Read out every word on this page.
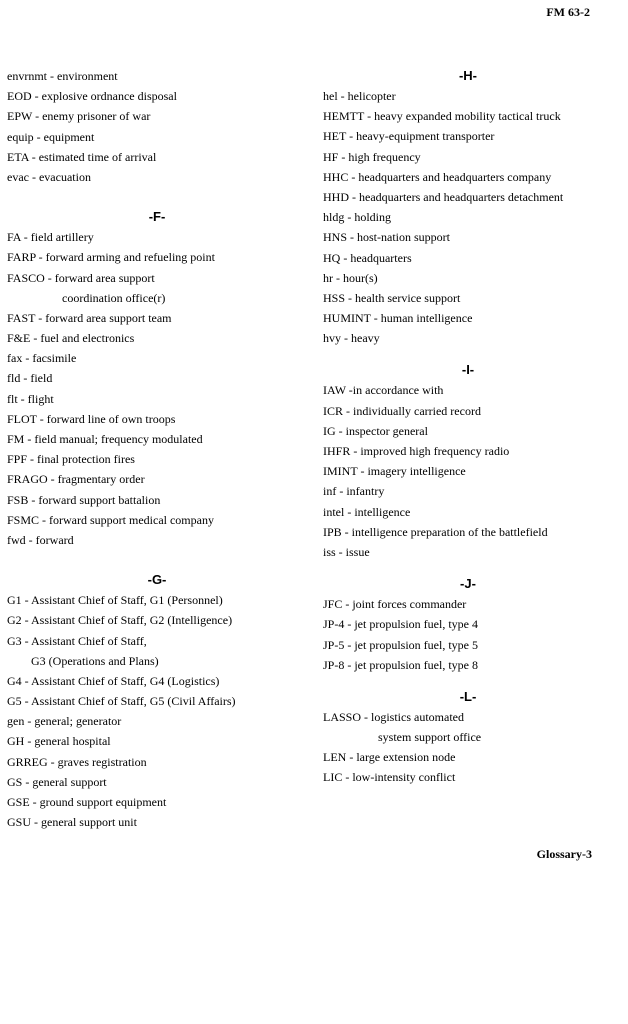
FM 63-2
envrnmt - environment
EOD - explosive ordnance disposal
EPW - enemy prisoner of war
equip - equipment
ETA - estimated time of arrival
evac - evacuation
-F-
FA - field artillery
FARP - forward arming and refueling point
FASCO - forward area support
coordination office(r)
FAST - forward area support team
F&E - fuel and electronics
fax - facsimile
fld - field
flt - flight
FLOT - forward line of own troops
FM - field manual; frequency modulated
FPF - final protection fires
FRAGO - fragmentary order
FSB - forward support battalion
FSMC - forward support medical company
fwd - forward
-G-
G1 - Assistant Chief of Staff, G1 (Personnel)
G2 - Assistant Chief of Staff, G2 (Intelligence)
G3 - Assistant Chief of Staff,
G3 (Operations and Plans)
G4 - Assistant Chief of Staff, G4 (Logistics)
G5 - Assistant Chief of Staff, G5 (Civil Affairs)
gen - general; generator
GH - general hospital
GRREG - graves registration
GS - general support
GSE - ground support equipment
GSU - general support unit
-H-
hel - helicopter
HEMTT - heavy expanded mobility tactical truck
HET - heavy-equipment transporter
HF - high frequency
HHC - headquarters and headquarters company
HHD - headquarters and headquarters detachment
hldg - holding
HNS - host-nation support
HQ - headquarters
hr - hour(s)
HSS - health service support
HUMINT - human intelligence
hvy - heavy
-I-
IAW -in accordance with
ICR - individually carried record
IG - inspector general
IHFR - improved high frequency radio
IMINT - imagery intelligence
inf - infantry
intel - intelligence
IPB - intelligence preparation of the battlefield
iss - issue
-J-
JFC - joint forces commander
JP-4 - jet propulsion fuel, type 4
JP-5 - jet propulsion fuel, type 5
JP-8 - jet propulsion fuel, type 8
-L-
LASSO - logistics automated
system support office
LEN - large extension node
LIC - low-intensity conflict
Glossary-3
